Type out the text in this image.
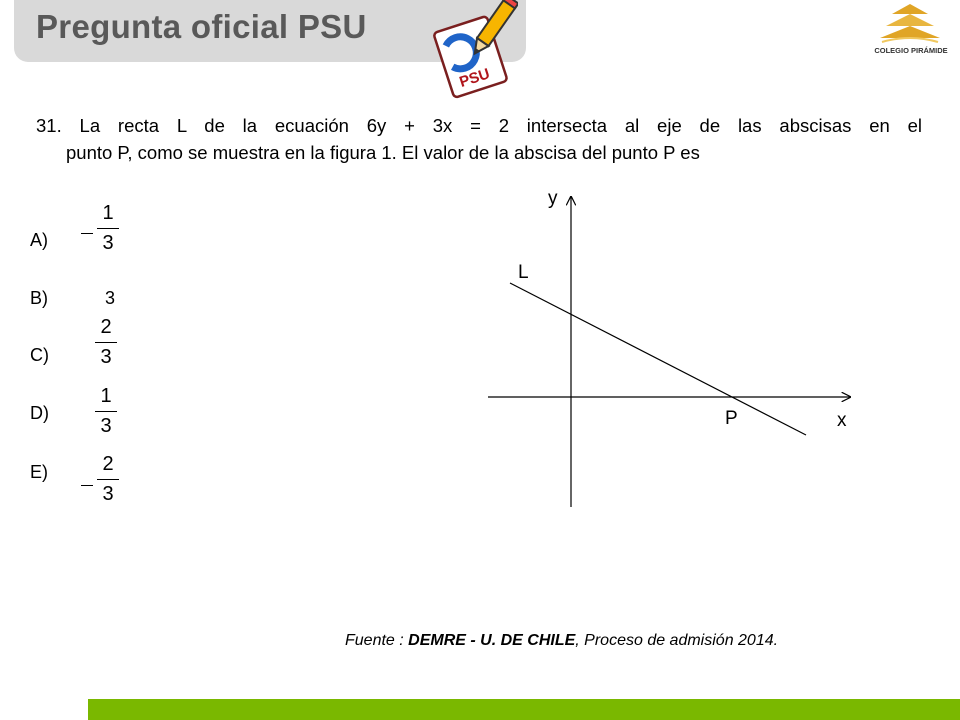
Pregunta oficial PSU
PSU
COLEGIO PIRÁMIDE
31. La recta L de la ecuación 6y + 3x = 2 intersecta al eje de las abscisas en el
punto P, como se muestra en la figura 1. El valor de la abscisa del punto P es
A)
1
3
B)	3
C)
2
3
D)
1
3
E)	2
3
y
x
L
P
Fuente : DEMRE - U. DE CHILE, Proceso de admisión 2014.
